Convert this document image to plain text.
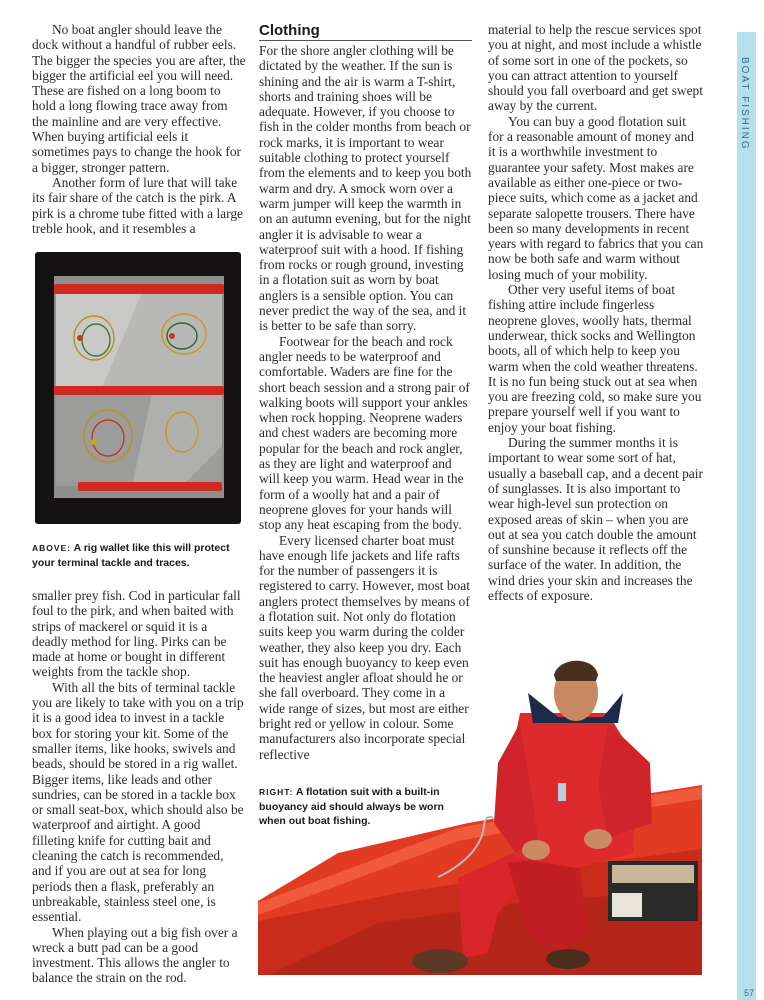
No boat angler should leave the dock without a handful of rubber eels. The bigger the species you are after, the bigger the artificial eel you will need. These are fished on a long boom to hold a long flowing trace away from the mainline and are very effective. When buying artificial eels it sometimes pays to change the hook for a bigger, stronger pattern.

Another form of lure that will take its fair share of the catch is the pirk. A pirk is a chrome tube fitted with a large treble hook, and it resembles a

ABOVE: A rig wallet like this will protect your terminal tackle and traces.

smaller prey fish. Cod in particular fall foul to the pirk, and when baited with strips of mackerel or squid it is a deadly method for ling. Pirks can be made at home or bought in different weights from the tackle shop.

With all the bits of terminal tackle you are likely to take with you on a trip it is a good idea to invest in a tackle box for storing your kit. Some of the smaller items, like hooks, swivels and beads, should be stored in a rig wallet. Bigger items, like leads and other sundries, can be stored in a tackle box or small seat-box, which should also be waterproof and airtight. A good filleting knife for cutting bait and cleaning the catch is recommended, and if you are out at sea for long periods then a flask, preferably an unbreakable, stainless steel one, is essential.

When playing out a big fish over a wreck a butt pad can be a good investment. This allows the angler to balance the strain on the rod.

Clothing

For the shore angler clothing will be dictated by the weather. If the sun is shining and the air is warm a T-shirt, shorts and training shoes will be adequate. However, if you choose to fish in the colder months from beach or rock marks, it is important to wear suitable clothing to protect yourself from the elements and to keep you both warm and dry. A smock worn over a warm jumper will keep the warmth in on an autumn evening, but for the night angler it is advisable to wear a waterproof suit with a hood. If fishing from rocks or rough ground, investing in a flotation suit as worn by boat anglers is a sensible option. You can never predict the way of the sea, and it is better to be safe than sorry.

Footwear for the beach and rock angler needs to be waterproof and comfortable. Waders are fine for the short beach session and a strong pair of walking boots will support your ankles when rock hopping. Neoprene waders and chest waders are becoming more popular for the beach and rock angler, as they are light and waterproof and will keep you warm. Head wear in the form of a woolly hat and a pair of neoprene gloves for your hands will stop any heat escaping from the body.

Every licensed charter boat must have enough life jackets and life rafts for the number of passengers it is registered to carry. However, most boat anglers protect themselves by means of a flotation suit. Not only do flotation suits keep you warm during the colder weather, they also keep you dry. Each suit has enough buoyancy to keep even the heaviest angler afloat should he or she fall overboard. They come in a wide range of sizes, but most are either bright red or yellow in colour. Some manufacturers also incorporate special reflective

material to help the rescue services spot you at night, and most include a whistle of some sort in one of the pockets, so you can attract attention to yourself should you fall overboard and get swept away by the current.

You can buy a good flotation suit for a reasonable amount of money and it is a worthwhile investment to guarantee your safety. Most makes are available as either one-piece or two-piece suits, which come as a jacket and separate salopette trousers. There have been so many developments in recent years with regard to fabrics that you can now be both safe and warm without losing much of your mobility.

Other very useful items of boat fishing attire include fingerless neoprene gloves, woolly hats, thermal underwear, thick socks and Wellington boots, all of which help to keep you warm when the cold weather threatens. It is no fun being stuck out at sea when you are freezing cold, so make sure you prepare yourself well if you want to enjoy your boat fishing.

During the summer months it is important to wear some sort of hat, usually a baseball cap, and a decent pair of sunglasses. It is also important to wear high-level sun protection on exposed areas of skin – when you are out at sea you catch double the amount of sunshine because it reflects off the surface of the water. In addition, the wind dries your skin and increases the effects of exposure.

RIGHT: A flotation suit with a built-in buoyancy aid should always be worn when out boat fishing.
BOAT FISHING
57
